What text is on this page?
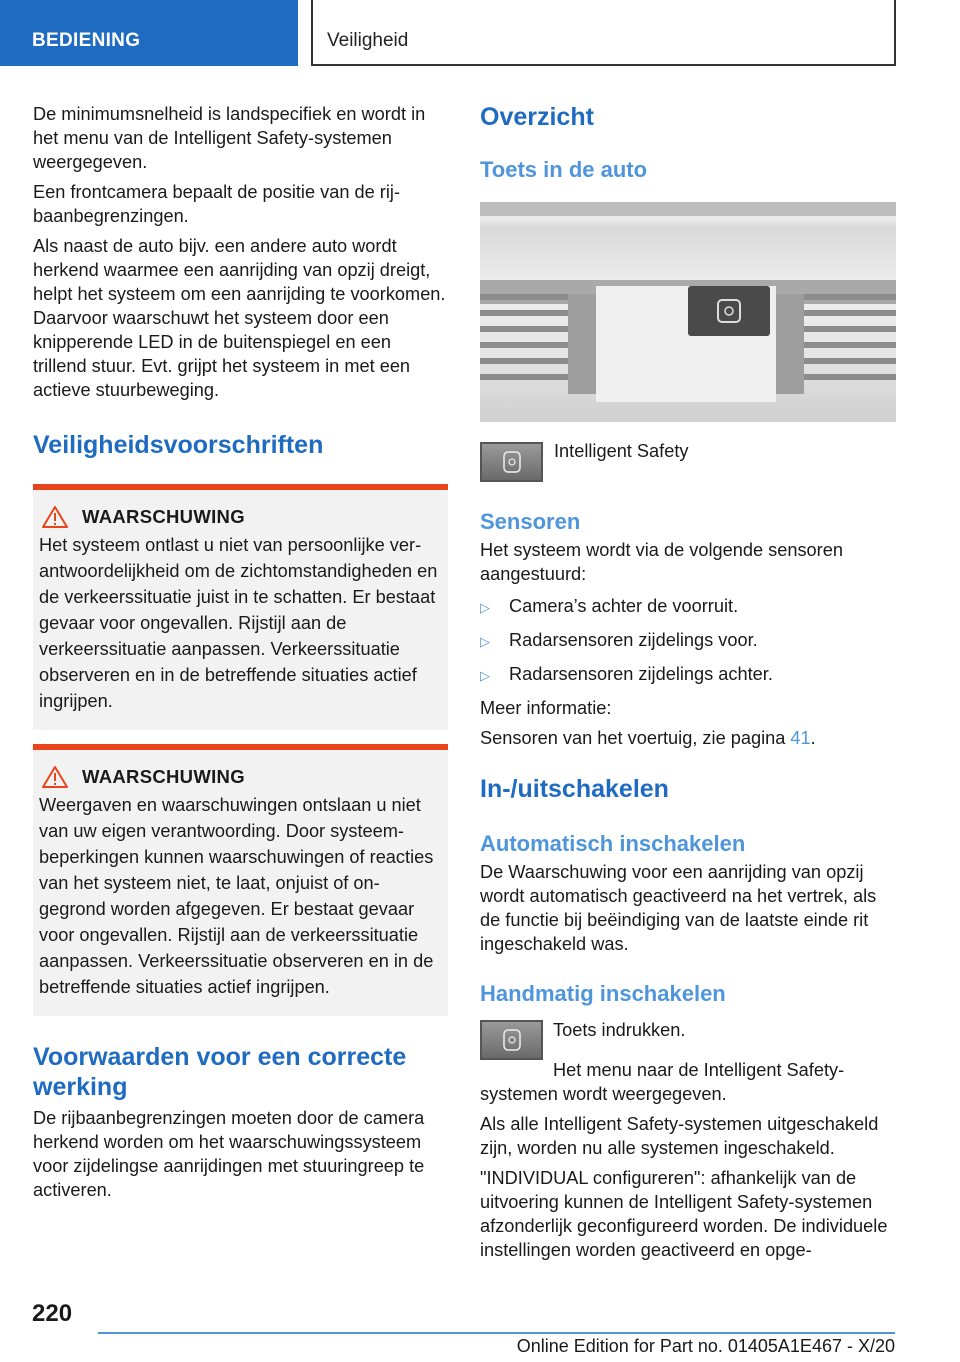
BEDIENING	Veiligheid

De minimumsnelheid is landspecifiek en wordt in het menu van de Intelligent Safety-systemen weergegeven.

Een frontcamera bepaalt de positie van de rijbaanbegrenzingen.

Als naast de auto bijv. een andere auto wordt herkend waarmee een aanrijding van opzij dreigt, helpt het systeem om een aanrijding te voorkomen. Daarvoor waarschuwt het systeem door een knipperende LED in de buitenspiegel en een trillend stuur. Evt. grijpt het systeem in met een actieve stuurbeweging.

Veiligheidsvoorschriften
WAARSCHUWING

Het systeem ontlast u niet van persoonlijke verantwoordelijkheid om de zichtomstandigheden en de verkeerssituatie juist in te schatten. Er bestaat gevaar voor ongevallen. Rijstijl aan de verkeerssituatie aanpassen. Verkeerssituatie observeren en in de betreffende situaties actief ingrijpen.

WAARSCHUWING

Weergaven en waarschuwingen ontslaan u niet van uw eigen verantwoording. Door systeembeperkingen kunnen waarschuwingen of reacties van het systeem niet, te laat, onjuist of ongegrond worden afgegeven. Er bestaat gevaar voor ongevallen. Rijstijl aan de verkeerssituatie aanpassen. Verkeerssituatie observeren en in de betreffende situaties actief ingrijpen.

Voorwaarden voor een correcte werking

De rijbaanbegrenzingen moeten door de camera herkend worden om het waarschuwingssysteem voor zijdelingse aanrijdingen met stuuringreep te activeren.

Overzicht
Toets in de auto

Intelligent Safety

Sensoren

Het systeem wordt via de volgende sensoren aangestuurd:

▷	Camera’s achter de voorruit.
▷	Radarsensoren zijdelings voor.
▷	Radarsensoren zijdelings achter.

Meer informatie:

Sensoren van het voertuig, zie pagina 41.

In-/uitschakelen
Automatisch inschakelen

De Waarschuwing voor een aanrijding van opzij wordt automatisch geactiveerd na het vertrek, als de functie bij beëindiging van de laatste einde rit ingeschakeld was.

Handmatig inschakelen

Toets indrukken.

Het menu naar de Intelligent Safety-systemen wordt weergegeven.

Als alle Intelligent Safety-systemen uitgeschakeld zijn, worden nu alle systemen ingeschakeld.

"INDIVIDUAL configureren": afhankelijk van de uitvoering kunnen de Intelligent Safety-systemen afzonderlijk geconfigureerd worden. De individuele instellingen worden geactiveerd en opge-

220
Online Edition for Part no. 01405A1E467 - X/20
